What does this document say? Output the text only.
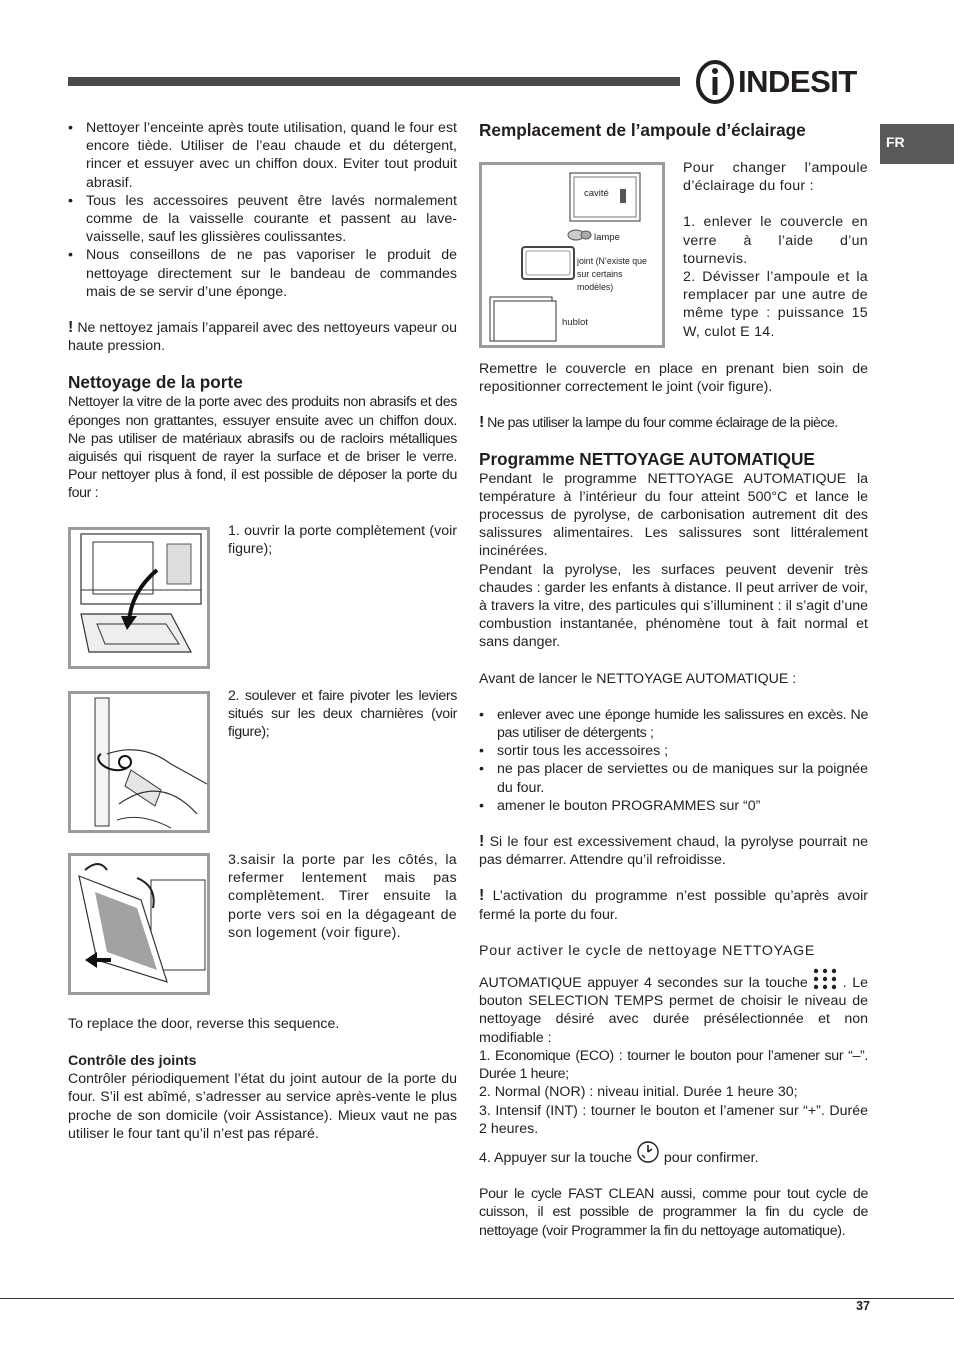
INDESIT
FR
• Nettoyer l’enceinte après toute utilisation, quand le four est encore tiède. Utiliser de l’eau chaude et du détergent, rincer et essuyer avec un chiffon doux. Eviter tout produit abrasif.
• Tous les accessoires peuvent être lavés normalement comme de la vaisselle courante et passent au lave-vaisselle, sauf les glissières coulissantes.
• Nous conseillons de ne pas vaporiser le produit de nettoyage directement sur le bandeau de commandes mais de se servir d’une éponge.

! Ne nettoyez jamais l’appareil avec des nettoyeurs vapeur ou haute pression.

Nettoyage de la porte

Nettoyer la vitre de la porte avec des produits non abrasifs et des éponges non grattantes, essuyer ensuite avec un chiffon doux. Ne pas utiliser de matériaux abrasifs ou de racloirs métalliques aiguisés qui risquent de rayer la surface et de briser le verre. Pour nettoyer plus à fond, il est possible de déposer la porte du four :

1. ouvrir la porte complètement (voir figure);
2. soulever et faire pivoter les leviers situés sur les deux charnières (voir figure);
3.saisir la porte par les côtés, la refermer lentement mais pas complètement. Tirer ensuite la porte vers soi en la dégageant de son logement (voir figure).

To replace the door, reverse this sequence.

Contrôle des joints

Contrôler périodiquement l’état du joint autour de la porte du four. S’il est abîmé, s’adresser au service après-vente le plus proche de son domicile (voir Assistance). Mieux vaut ne pas utiliser le four tant qu’il n’est pas réparé.

Remplacement de l’ampoule d’éclairage
cavité
lampe
joint (N’existe que sur certains modèles)
hublot
Pour changer l’ampoule d’éclairage du four :
1. enlever le couvercle en verre à l’aide d’un tournevis.
2. Dévisser l’ampoule et la remplacer par une autre de même type : puissance 15 W, culot E 14.

Remettre le couvercle en place en prenant bien soin de repositionner correctement le joint (voir figure).

! Ne pas utiliser la lampe du four comme éclairage de la pièce.

Programme NETTOYAGE AUTOMATIQUE

Pendant le programme NETTOYAGE AUTOMATIQUE la température à l’intérieur du four atteint 500°C et lance le processus de pyrolyse, de carbonisation autrement dit des salissures alimentaires. Les salissures sont littéralement incinérées.

Pendant la pyrolyse, les surfaces peuvent devenir très chaudes : garder les enfants à distance. Il peut arriver de voir, à travers la vitre, des particules qui s’illuminent : il s’agit d’une combustion instantanée, phénomène tout à fait normal et sans danger.

Avant de lancer le NETTOYAGE AUTOMATIQUE :

• enlever avec une éponge humide les salissures en excès. Ne pas utiliser de détergents ;
• sortir tous les accessoires ;
• ne pas placer de serviettes ou de maniques sur la poignée du four.
• amener le bouton PROGRAMMES sur “0”

! Si le four est excessivement chaud, la pyrolyse pourrait ne pas démarrer. Attendre qu’il refroidisse.

! L’activation du programme n’est possible qu’après avoir fermé la porte du four.

Pour activer le cycle de nettoyage NETTOYAGE

AUTOMATIQUE appuyer 4 secondes sur la touche . Le bouton SELECTION TEMPS permet de choisir le niveau de nettoyage désiré avec durée présélectionnée et non modifiable :

1. Economique (ECO) : tourner le bouton pour l’amener sur “–”. Durée 1 heure;

2. Normal (NOR) : niveau initial. Durée 1 heure 30;

3. Intensif (INT) : tourner le bouton et l’amener sur “+”. Durée 2 heures.

4. Appuyer sur la touche pour confirmer.

Pour le cycle FAST CLEAN aussi, comme pour tout cycle de cuisson, il est possible de programmer la fin du cycle de nettoyage (voir Programmer la fin du nettoyage automatique).

37
